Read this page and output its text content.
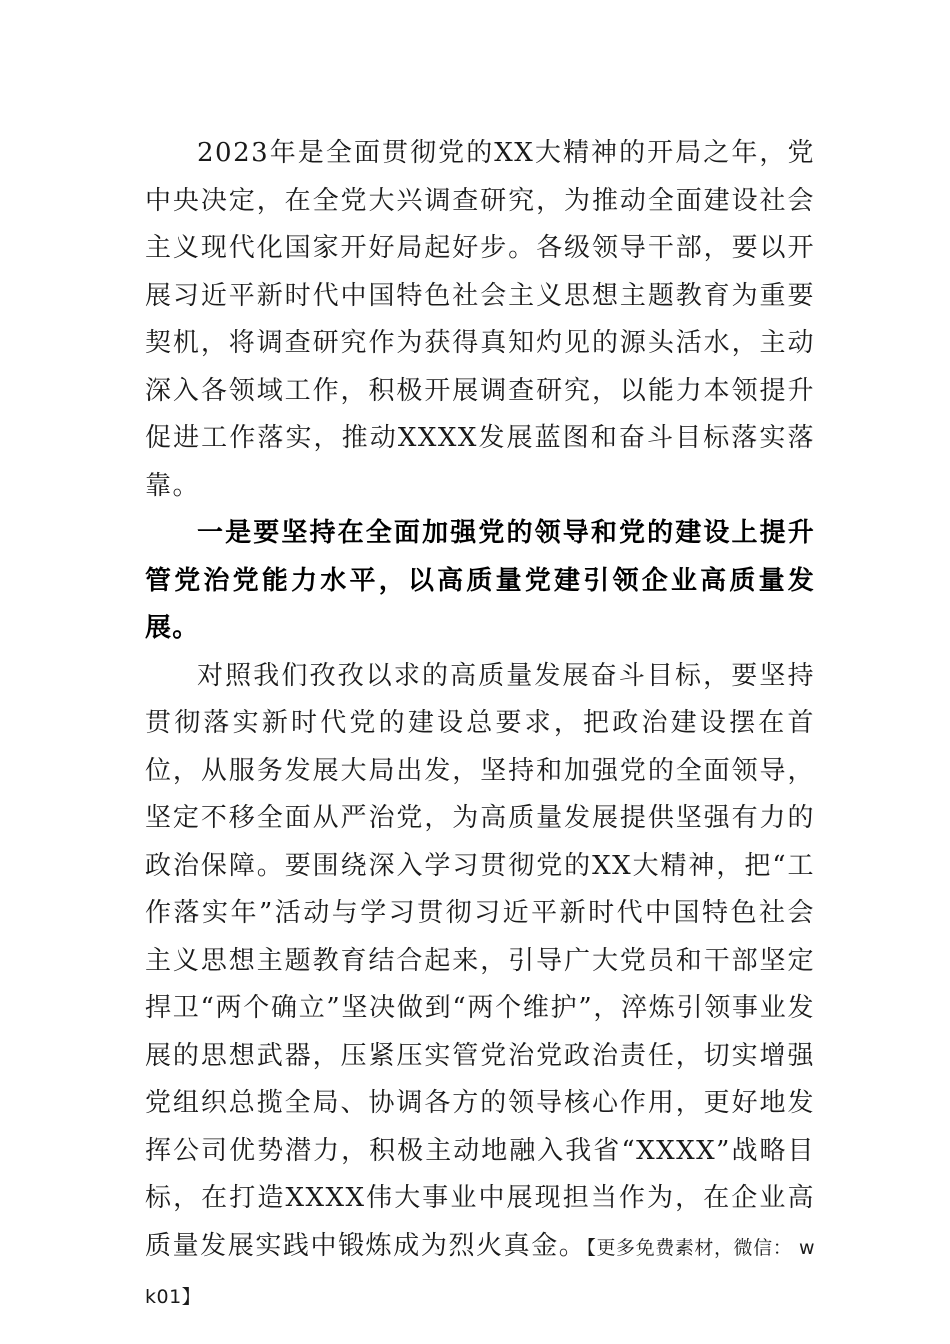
2023年是全面贯彻党的XX大精神的开局之年，党中央决定，在全党大兴调查研究，为推动全面建设社会主义现代化国家开好局起好步。各级领导干部，要以开展习近平新时代中国特色社会主义思想主题教育为重要契机，将调查研究作为获得真知灼见的源头活水，主动深入各领域工作，积极开展调查研究，以能力本领提升促进工作落实，推动XXXX发展蓝图和奋斗目标落实落靠。

一是要坚持在全面加强党的领导和党的建设上提升管党治党能力水平，以高质量党建引领企业高质量发展。

对照我们孜孜以求的高质量发展奋斗目标，要坚持贯彻落实新时代党的建设总要求，把政治建设摆在首位，从服务发展大局出发，坚持和加强党的全面领导，坚定不移全面从严治党，为高质量发展提供坚强有力的政治保障。要围绕深入学习贯彻党的XX大精神，把“工作落实年”活动与学习贯彻习近平新时代中国特色社会主义思想主题教育结合起来，引导广大党员和干部坚定捍卫“两个确立”坚决做到“两个维护”，淬炼引领事业发展的思想武器，压紧压实管党治党政治责任，切实增强党组织总揽全局、协调各方的领导核心作用，更好地发挥公司优势潜力，积极主动地融入我省“XXXX”战略目标，在打造XXXX伟大事业中展现担当作为，在企业高质量发展实践中锻炼成为烈火真金。【更多免费素材，微信： wk01】
